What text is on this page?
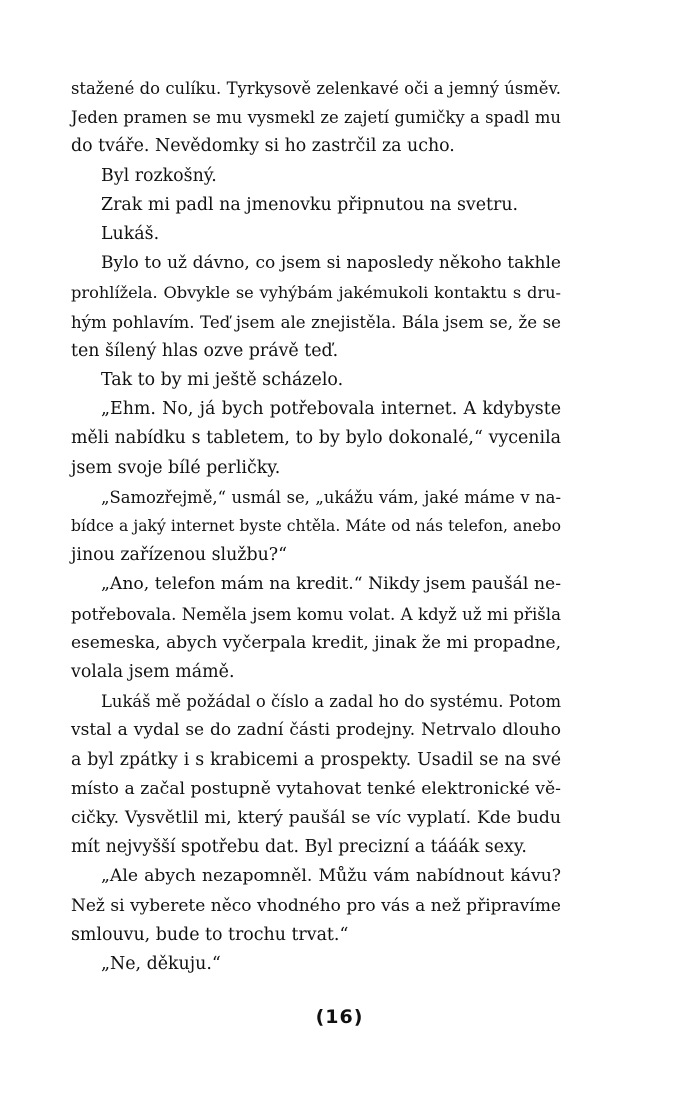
stažené do culíku. Tyrkysově zelenkavé oči a jemný úsměv.
Jeden pramen se mu vysmekl ze zajetí gumičky a spadl mu
do tváře. Nevědomky si ho zastrčil za ucho.
Byl rozkošný.
Zrak mi padl na jmenovku připnutou na svetru.
Lukáš.
Bylo to už dávno, co jsem si naposledy někoho takhle
prohlížela. Obvykle se vyhýbám jakémukoli kontaktu s dru-
hým pohlavím. Teď jsem ale znejistěla. Bála jsem se, že se
ten šílený hlas ozve právě teď.
Tak to by mi ještě scházelo.
„Ehm. No, já bych potřebovala internet. A kdybyste
měli nabídku s tabletem, to by bylo dokonalé,“ vycenila
jsem svoje bílé perličky.
„Samozřejmě,“ usmál se, „ukážu vám, jaké máme v na-
bídce a jaký internet byste chtěla. Máte od nás telefon, anebo
jinou zařízenou službu?“
„Ano, telefon mám na kredit.“ Nikdy jsem paušál ne-
potřebovala. Neměla jsem komu volat. A když už mi přišla
esemeska, abych vyčerpala kredit, jinak že mi propadne,
volala jsem mámě.
Lukáš mě požádal o číslo a zadal ho do systému. Potom
vstal a vydal se do zadní části prodejny. Netrvalo dlouho
a byl zpátky i s krabicemi a prospekty. Usadil se na své
místo a začal postupně vytahovat tenké elektronické vě-
cičky. Vysvětlil mi, který paušál se víc vyplatí. Kde budu
mít nejvyšší spotřebu dat. Byl precizní a tááák sexy.
„Ale abych nezapomněl. Můžu vám nabídnout kávu?
Než si vyberete něco vhodného pro vás a než připravíme
smlouvu, bude to trochu trvat.“
„Ne, děkuju.“
(16)
